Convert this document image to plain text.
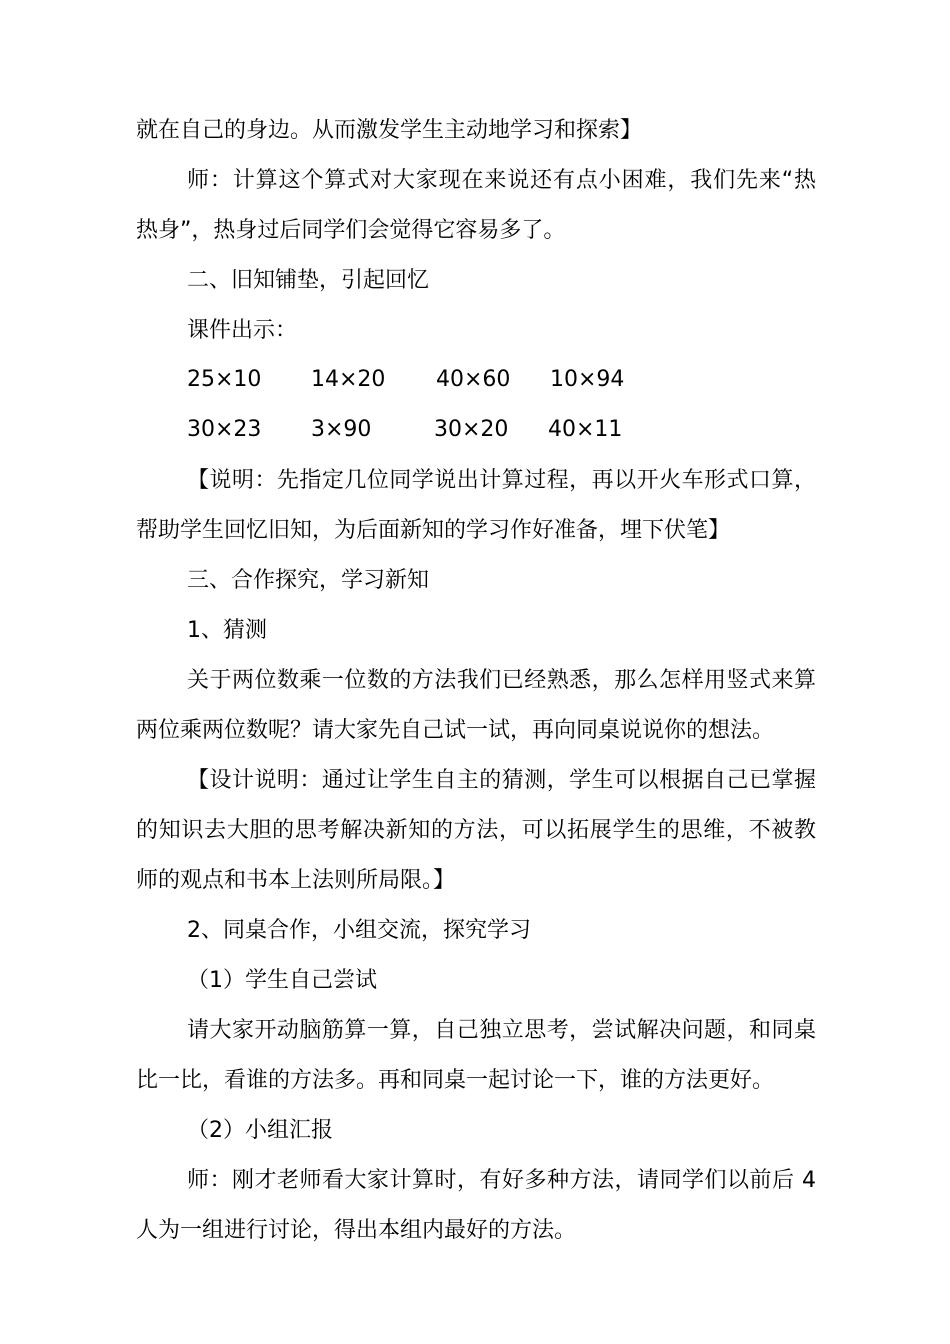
就在自己的身边。从而激发学生主动地学习和探索】
师：计算这个算式对大家现在来说还有点小困难，我们先来“热
热身”，热身过后同学们会觉得它容易多了。
二、旧知铺垫，引起回忆
课件出示：
25×10 14×20 40×60 10×94
30×23 3×90	30×20 40×11
【说明：先指定几位同学说出计算过程，再以开火车形式口算，
帮助学生回忆旧知，为后面新知的学习作好准备，埋下伏笔】
三、合作探究，学习新知
1、猜测
关于两位数乘一位数的方法我们已经熟悉，那么怎样用竖式来算
两位乘两位数呢？请大家先自己试一试，再向同桌说说你的想法。
【设计说明：通过让学生自主的猜测，学生可以根据自己已掌握
的知识去大胆的思考解决新知的方法，可以拓展学生的思维，不被教
师的观点和书本上法则所局限。】
2、同桌合作，小组交流，探究学习
（1）学生自己尝试
请大家开动脑筋算一算，自己独立思考，尝试解决问题，和同桌
比一比，看谁的方法多。再和同桌一起讨论一下，谁的方法更好。
（2）小组汇报
师：刚才老师看大家计算时，有好多种方法，请同学们以前后 4
人为一组进行讨论，得出本组内最好的方法。
